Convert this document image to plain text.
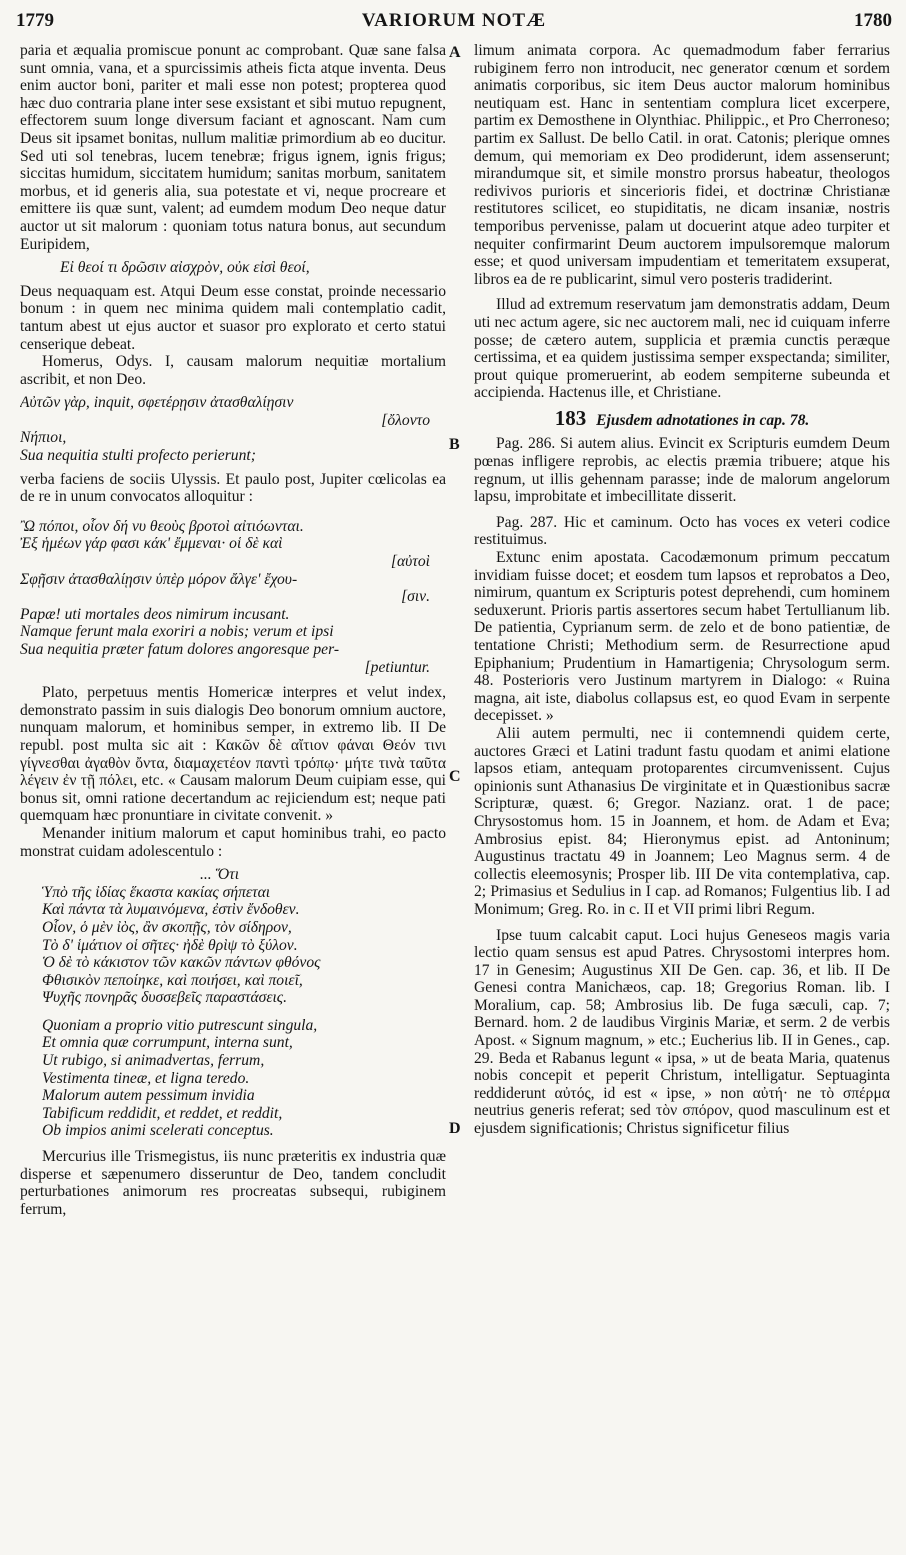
1779	VARIORUM NOTÆ	1780
A
B
C
D

paria et æqualia promiscue ponunt ac comprobant. Quæ sane falsa sunt omnia, vana, et a spurcissimis atheis ficta atque inventa. Deus enim auctor boni, pariter et mali esse non potest; propterea quod hæc duo contraria plane inter sese exsistant et sibi mutuo repugnent, effectorem suum longe diversum faciant et agnoscant. Nam cum Deus sit ipsamet bonitas, nullum malitiæ primordium ab eo ducitur. Sed uti sol tenebras, lucem tenebræ; frigus ignem, ignis frigus; siccitas humidum, siccitatem humidum; sanitas morbum, sanitatem morbus, et id generis alia, sua potestate et vi, neque procreare et emittere iis quæ sunt, valent; ad eumdem modum Deo neque datur auctor ut sit malorum : quoniam totus natura bonus, aut secundum Euripidem,

Εἰ θεοί τι δρῶσιν αἰσχρὸν, οὐκ εἰσὶ θεοί,

Deus nequaquam est. Atqui Deum esse constat, proinde necessario bonum : in quem nec minima quidem mali contemplatio cadit, tantum abest ut ejus auctor et suasor pro explorato et certo statui censerique debeat.

Homerus, Odys. I, causam malorum nequitiæ mortalium ascribit, et non Deo.

Αὐτῶν γὰρ, inquit, σφετέρῃσιν ἀτασθαλίῃσιν
[ὄλοντο
Νήπιοι,
Sua nequitia stulti profecto perierunt;

verba faciens de sociis Ulyssis. Et paulo post, Jupiter cœlicolas ea de re in unum convocatos alloquitur :

Ὢ πόποι, οἷον δή νυ θεοὺς βροτοὶ αἰτιόωνται.
Ἐξ ἡμέων γάρ φασι κάκ' ἔμμεναι· οἱ δὲ καὶ
[αὐτοὶ
Σφῇσιν ἀτασθαλίῃσιν ὑπὲρ μόρον ἄλγε' ἔχου-
[σιν.
Papæ! uti mortales deos nimirum incusant.
Namque ferunt mala exoriri a nobis; verum et ipsi
Sua nequitia præter fatum dolores angoresque per-
[petiuntur.

Plato, perpetuus mentis Homericæ interpres et velut index, demonstrato passim in suis dialogis Deo bonorum omnium auctore, nunquam malorum, et hominibus semper, in extremo lib. II De republ. post multa sic ait : Κακῶν δὲ αἴτιον φάναι Θεόν τινι γίγνεσθαι ἀγαθὸν ὄντα, διαμαχετέον παντὶ τρόπῳ· μήτε τινὰ ταῦτα λέγειν ἐν τῇ πόλει, etc. « Causam malorum Deum cuipiam esse, qui bonus sit, omni ratione decertandum ac rejiciendum est; neque pati quemquam hæc pronuntiare in civitate convenit. »

Menander initium malorum et caput hominibus trahi, eo pacto monstrat cuidam adolescentulo :

... Ὅτι
Ὑπὸ τῆς ἰδίας ἕκαστα κακίας σήπεται
Καὶ πάντα τὰ λυμαινόμενα, ἐστὶν ἔνδοθεν.
Οἷον, ὁ μὲν ἰὸς, ἂν σκοπῇς, τὸν σίδηρον,
Τὸ δ' ἱμάτιον οἱ σῆτες· ἠδὲ θρὶψ τὸ ξύλον.
Ὁ δὲ τὸ κάκιστον τῶν κακῶν πάντων φθόνος
Φθισικὸν πεποίηκε, καὶ ποιήσει, καὶ ποιεῖ,
Ψυχῆς πονηρᾶς δυσσεβεῖς παραστάσεις.
Quoniam a proprio vitio putrescunt singula,
Et omnia quæ corrumpunt, interna sunt,
Ut rubigo, si animadvertas, ferrum,
Vestimenta tineæ, et ligna teredo.
Malorum autem pessimum invidia
Tabificum reddidit, et reddet, et reddit,
Ob impios animi scelerati conceptus.

Mercurius ille Trismegistus, iis nunc præteritis ex industria quæ disperse et sæpenumero disseruntur de Deo, tandem concludit perturbationes animorum res procreatas subsequi, rubiginem ferrum,

limum animata corpora. Ac quemadmodum faber ferrarius rubiginem ferro non introducit, nec generator cœnum et sordem animatis corporibus, sic item Deus auctor malorum hominibus neutiquam est. Hanc in sententiam complura licet excerpere, partim ex Demosthene in Olynthiac. Philippic., et Pro Cherroneso; partim ex Sallust. De bello Catil. in orat. Catonis; plerique omnes demum, qui memoriam ex Deo prodiderunt, idem assenserunt; mirandumque sit, et simile monstro prorsus habeatur, theologos redivivos purioris et sincerioris fidei, et doctrinæ Christianæ restitutores scilicet, eo stupiditatis, ne dicam insaniæ, nostris temporibus pervenisse, palam ut docuerint atque adeo turpiter et nequiter confirmarint Deum auctorem impulsoremque malorum esse; et quod universam impudentiam et temeritatem exsuperat, libros ea de re publicarint, simul vero posteris tradiderint.

Illud ad extremum reservatum jam demonstratis addam, Deum uti nec actum agere, sic nec auctorem mali, nec id cuiquam inferre posse; de cætero autem, supplicia et præmia cunctis peræque certissima, et ea quidem justissima semper exspectanda; similiter, prout quique promeruerint, ab eodem sempiterne subeunda et accipienda. Hactenus ille, et Christiane.

183 Ejusdem adnotationes in cap. 78.

Pag. 286. Si autem alius. Evincit ex Scripturis eumdem Deum pœnas infligere reprobis, ac electis præmia tribuere; atque his regnum, ut illis gehennam parasse; inde de malorum angelorum lapsu, improbitate et imbecillitate disserit.

Pag. 287. Hic et caminum. Octo has voces ex veteri codice restituimus.

Extunc enim apostata. Cacodæmonum primum peccatum invidiam fuisse docet; et eosdem tum lapsos et reprobatos a Deo, nimirum, quantum ex Scripturis potest deprehendi, cum hominem seduxerunt. Prioris partis assertores secum habet Tertullianum lib. De patientia, Cyprianum serm. de zelo et de bono patientiæ, de tentatione Christi; Methodium serm. de Resurrectione apud Epiphanium; Prudentium in Hamartigenia; Chrysologum serm. 48. Posterioris vero Justinum martyrem in Dialogo: « Ruina magna, ait iste, diabolus collapsus est, eo quod Evam in serpente decepisset. »

Alii autem permulti, nec ii contemnendi quidem certe, auctores Græci et Latini tradunt fastu quodam et animi elatione lapsos etiam, antequam protoparentes circumvenissent. Cujus opinionis sunt Athanasius De virginitate et in Quæstionibus sacræ Scripturæ, quæst. 6; Gregor. Nazianz. orat. 1 de pace; Chrysostomus hom. 15 in Joannem, et hom. de Adam et Eva; Ambrosius epist. 84; Hieronymus epist. ad Antoninum; Augustinus tractatu 49 in Joannem; Leo Magnus serm. 4 de collectis eleemosynis; Prosper lib. III De vita contemplativa, cap. 2; Primasius et Sedulius in I cap. ad Romanos; Fulgentius lib. I ad Monimum; Greg. Ro. in c. II et VII primi libri Regum.

Ipse tuum calcabit caput. Loci hujus Geneseos magis varia lectio quam sensus est apud Patres. Chrysostomi interpres hom. 17 in Genesim; Augustinus XII De Gen. cap. 36, et lib. II De Genesi contra Manichæos, cap. 18; Gregorius Roman. lib. I Moralium, cap. 58; Ambrosius lib. De fuga sæculi, cap. 7; Bernard. hom. 2 de laudibus Virginis Mariæ, et serm. 2 de verbis Apost. « Signum magnum, » etc.; Eucherius lib. II in Genes., cap. 29. Beda et Rabanus legunt « ipsa, » ut de beata Maria, quatenus nobis concepit et peperit Christum, intelligatur. Septuaginta reddiderunt αὐτός, id est « ipse, » non αὐτή· ne τὸ σπέρμα neutrius generis referat; sed τὸν σπόρον, quod masculinum est et ejusdem significationis; Christus significetur filius
